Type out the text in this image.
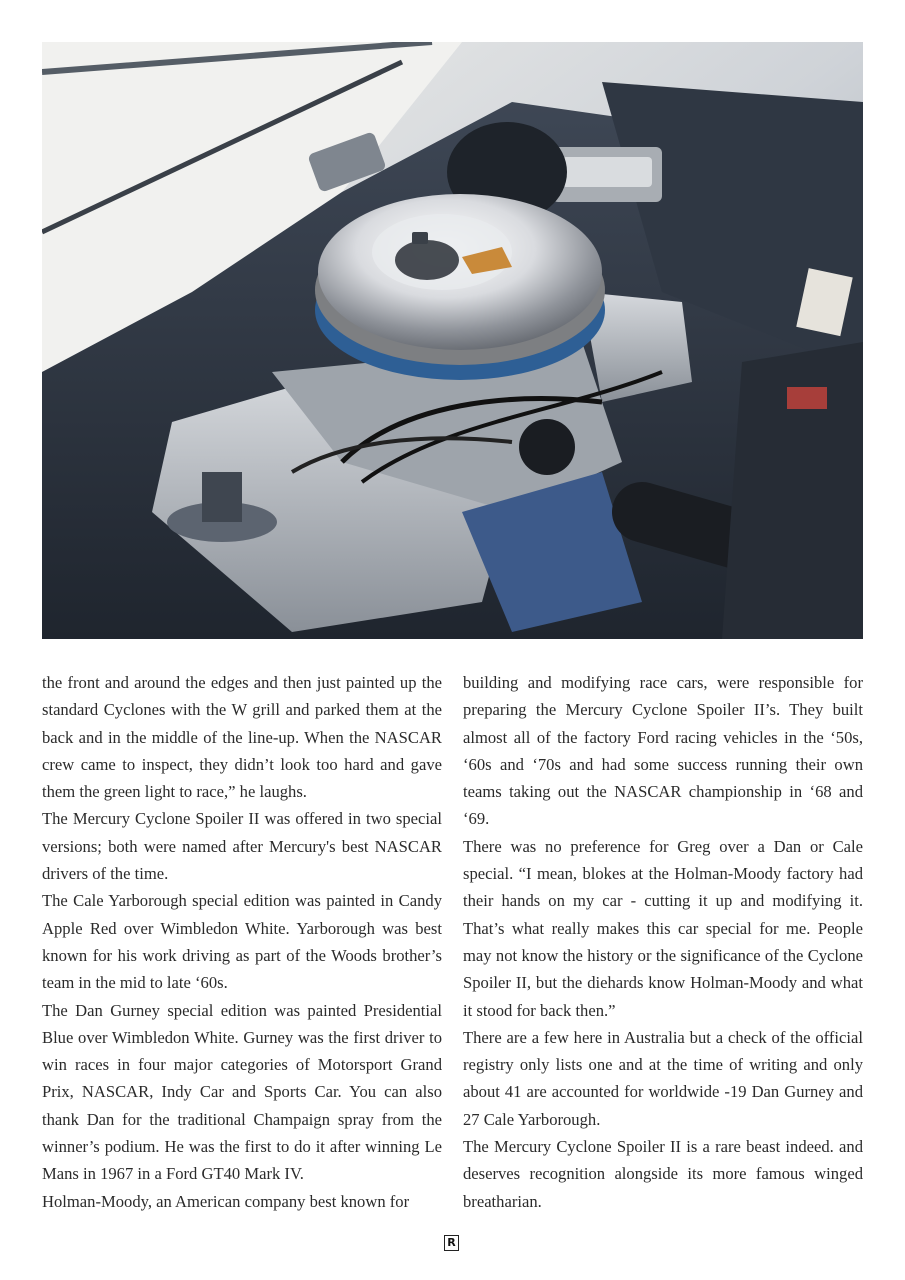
the front and around the edges and then just painted up the standard Cyclones with the W grill and parked them at the back and in the middle of the line-up. When the NASCAR crew came to inspect, they didn’t look too hard and gave them the green light to race,” he laughs.

The Mercury Cyclone Spoiler II was offered in two special versions; both were named after Mercury's best NASCAR drivers of the time.

The Cale Yarborough special edition was painted in Candy Apple Red over Wimbledon White. Yarborough was best known for his work driving as part of the Woods brother’s team in the mid to late ‘60s.

The Dan Gurney special edition was painted Presidential Blue over Wimbledon White. Gurney was the first driver to win races in four major categories of Motorsport Grand Prix, NASCAR, Indy Car and Sports Car. You can also thank Dan for the traditional Champaign spray from the winner’s podium. He was the first to do it after winning Le Mans in 1967 in a Ford GT40 Mark IV.

Holman-Moody, an American company best known for

building and modifying race cars, were responsible for preparing the Mercury Cyclone Spoiler II’s. They built almost all of the factory Ford racing vehicles in the ‘50s, ‘60s and ‘70s and had some success running their own teams taking out the NASCAR championship in ‘68 and ‘69.

There was no preference for Greg over a Dan or Cale special. “I mean, blokes at the Holman-Moody factory had their hands on my car - cutting it up and modifying it. That’s what really makes this car special for me. People may not know the history or the significance of the Cyclone Spoiler II, but the diehards know Holman-Moody and what it stood for back then.”

There are a few here in Australia but a check of the official registry only lists one and at the time of writing and only about 41 are accounted for worldwide -19 Dan Gurney and 27 Cale Yarborough.

The Mercury Cyclone Spoiler II is a rare beast indeed. and deserves recognition alongside its more famous winged breatharian.

R
